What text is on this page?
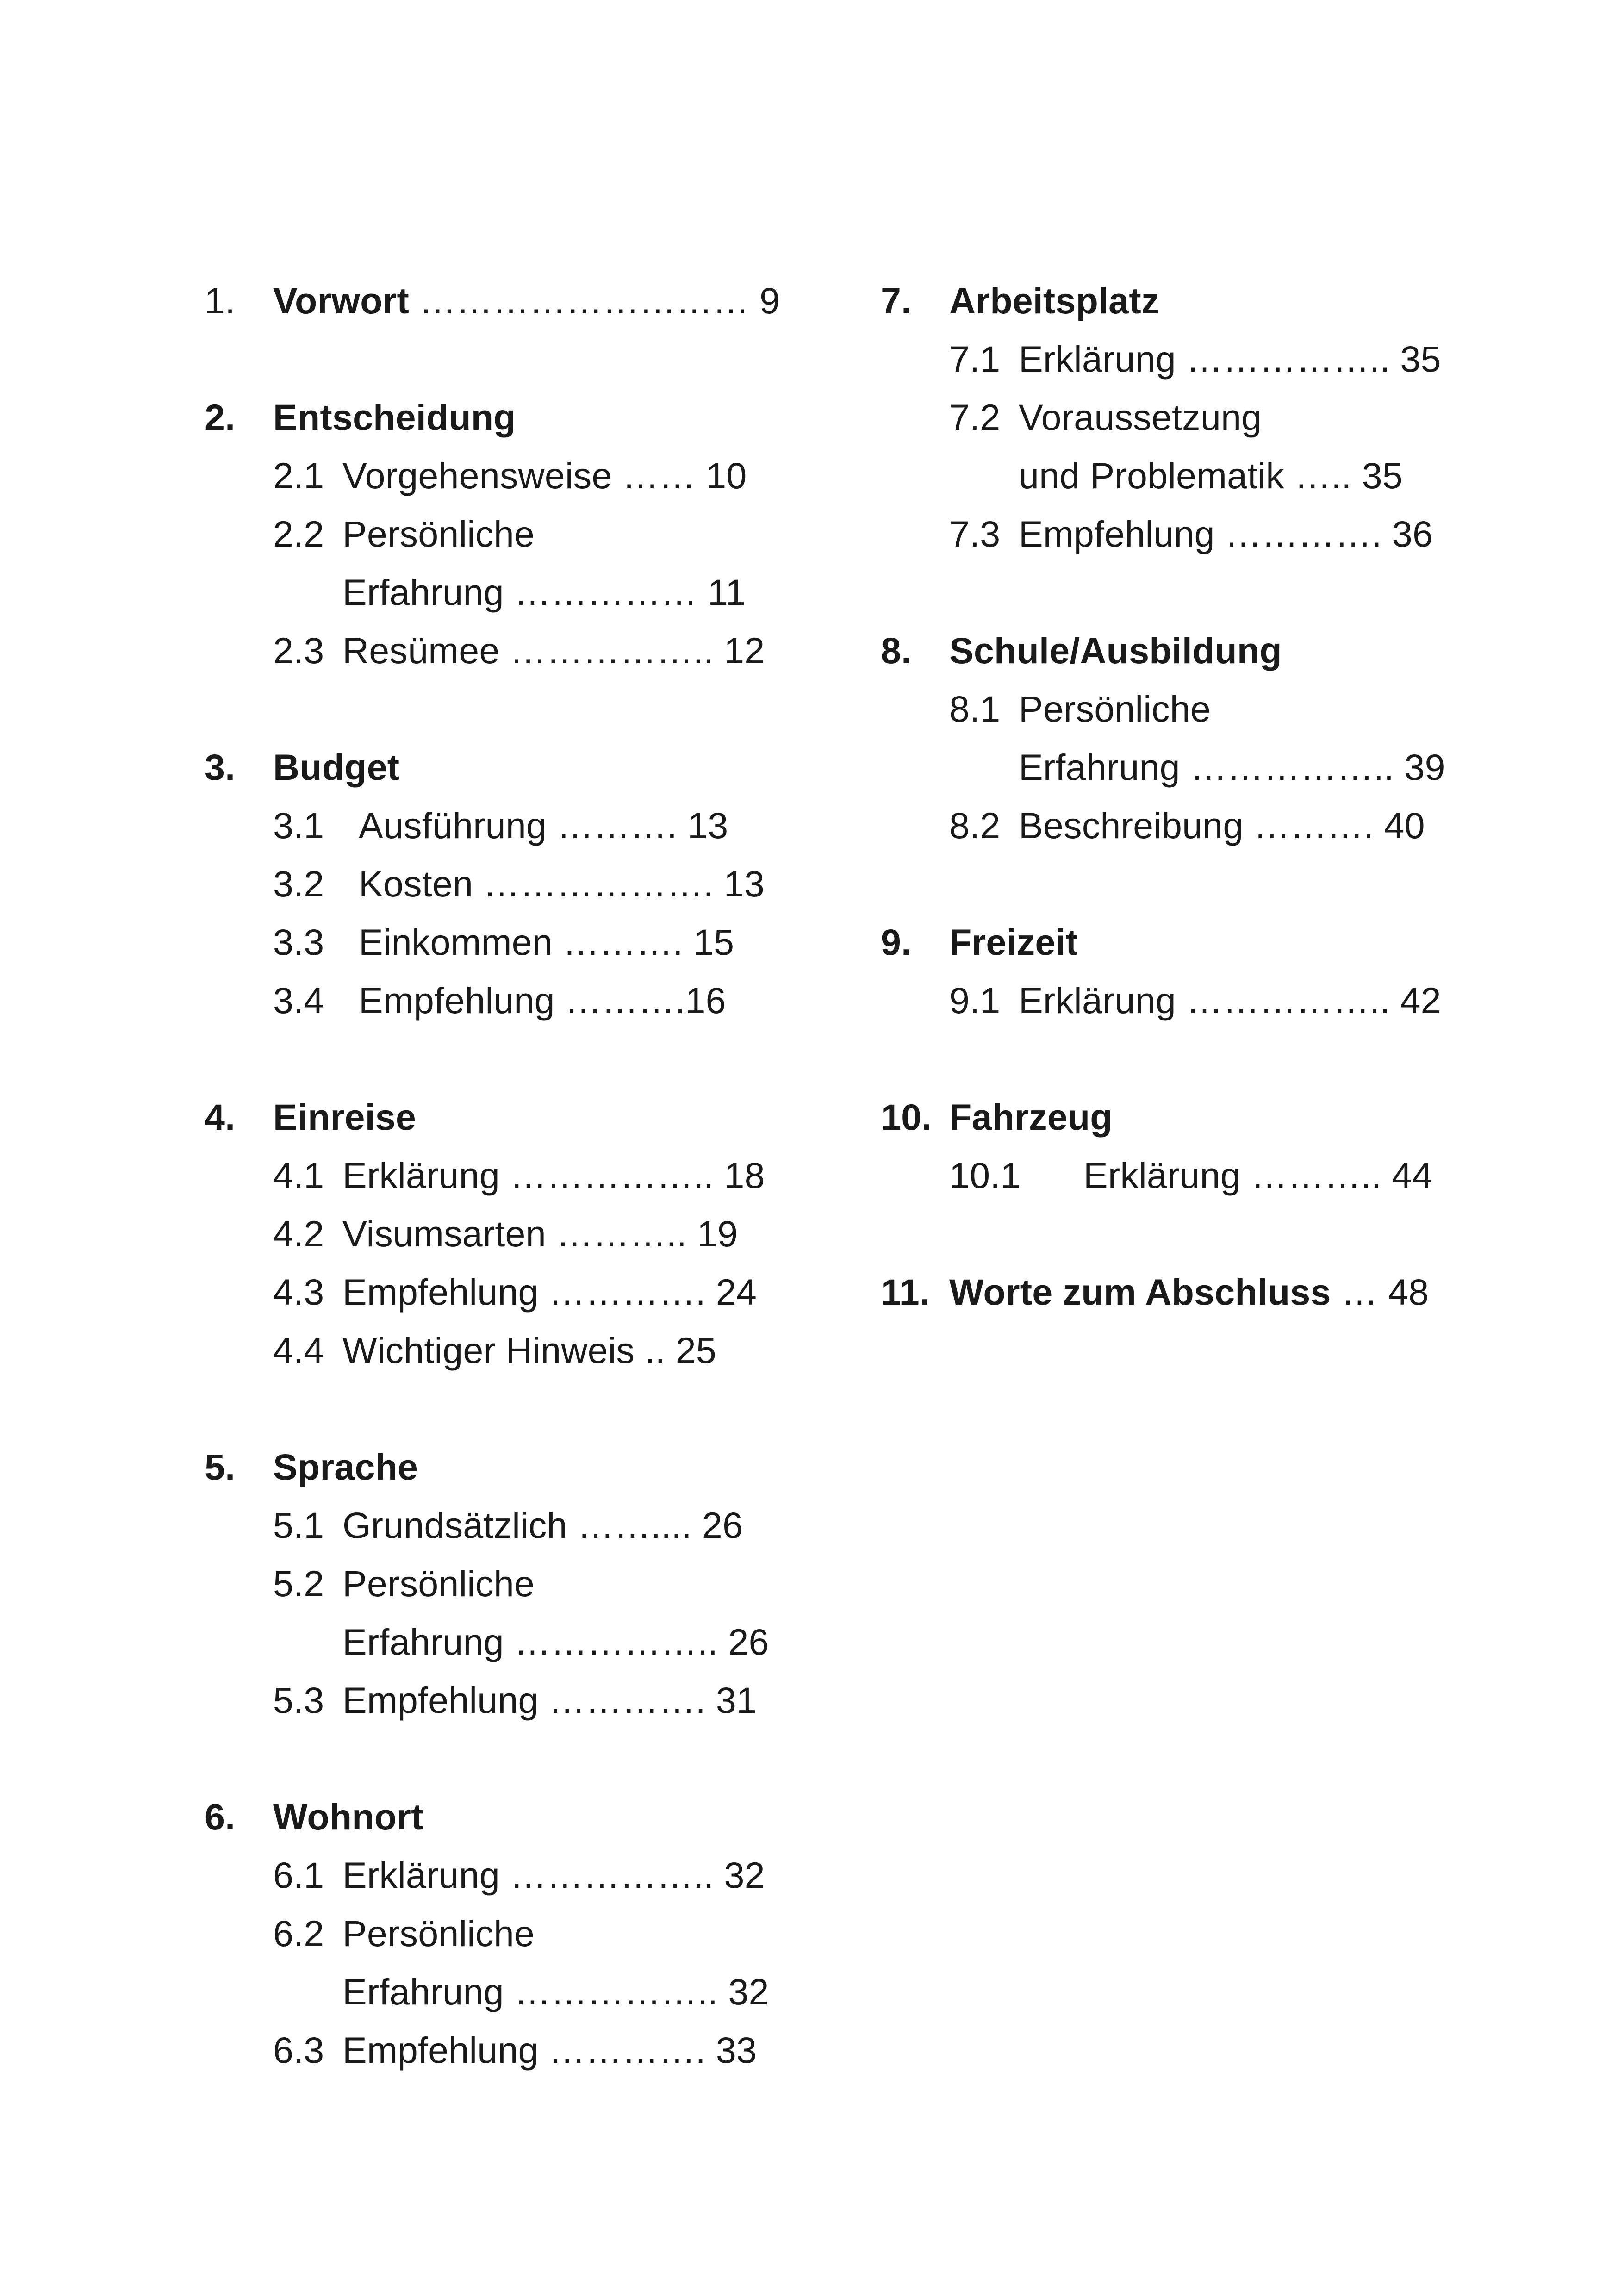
1. Vorwort ……………………… 9
2. Entscheidung
2.1 Vorgehensweise …… 10
2.2 Persönliche
Erfahrung …………… 11
2.3 Resümee …………….. 12
3. Budget
3.1 Ausführung ………. 13
3.2 Kosten ………………. 13
3.3 Einkommen ………. 15
3.4 Empfehlung ……….16
4. Einreise
4.1 Erklärung …………….. 18
4.2 Visumsarten ……….. 19
4.3 Empfehlung …………. 24
4.4 Wichtiger Hinweis .. 25
5. Sprache
5.1 Grundsätzlich …….... 26
5.2 Persönliche
Erfahrung …………….. 26
5.3 Empfehlung …………. 31
6. Wohnort
6.1 Erklärung …………….. 32
6.2 Persönliche
Erfahrung …………….. 32
6.3 Empfehlung …………. 33
7. Arbeitsplatz
7.1 Erklärung …………….. 35
7.2 Voraussetzung
und Problematik ….. 35
7.3 Empfehlung …………. 36
8. Schule/Ausbildung
8.1 Persönliche
Erfahrung …………….. 39
8.2 Beschreibung ………. 40
9. Freizeit
9.1 Erklärung …………….. 42
10. Fahrzeug
10.1 Erklärung ……….. 44
11. Worte zum Abschluss … 48
